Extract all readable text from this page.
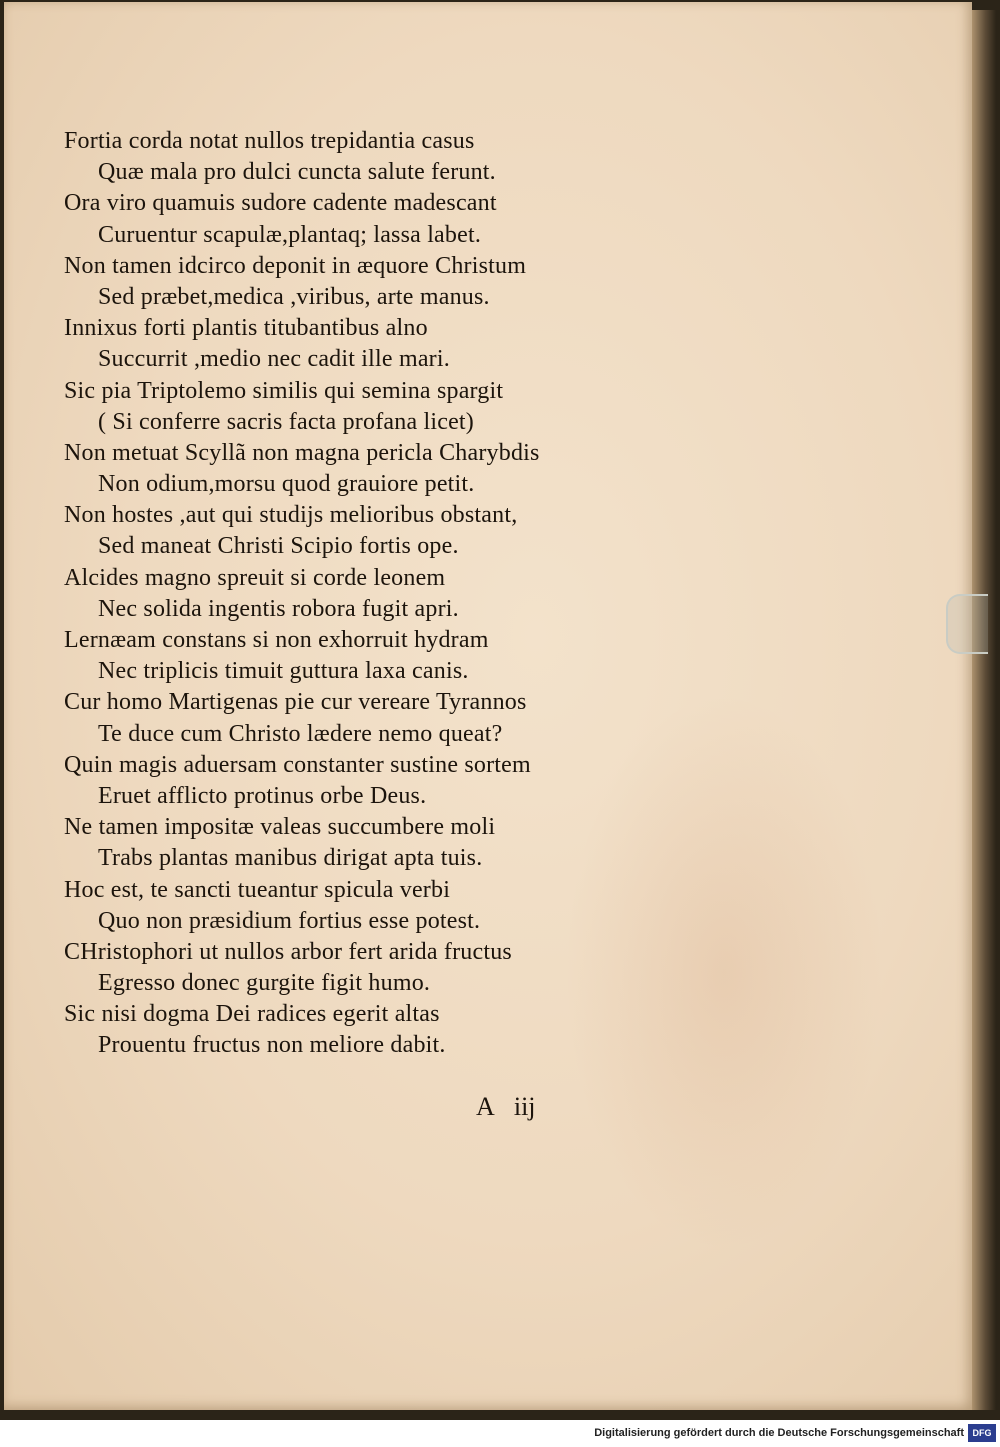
Fortia corda notat nullos trepidantia casus
Quæ mala pro dulci cuncta salute ferunt.
Ora viro quamuis sudore cadente madescant
Curuentur scapulæ,plantaq; lassa labet.
Non tamen idcirco deponit in æquore Christum
Sed præbet,medica ,viribus, arte manus.
Innixus forti plantis titubantibus alno
Succurrit ,medio nec cadit ille mari.
Sic pia Triptolemo similis qui semina spargit
( Si conferre sacris facta profana licet)
Non metuat Scyllã non magna pericla Charybdis
Non odium,morsu quod grauiore petit.
Non hostes ,aut qui studijs melioribus obstant,
Sed maneat Christi Scipio fortis ope.
Alcides magno spreuit si corde leonem
Nec solida ingentis robora fugit apri.
Lernæam constans si non exhorruit hydram
Nec triplicis timuit guttura laxa canis.
Cur homo Martigenas pie cur vereare Tyrannos
Te duce cum Christo lædere nemo queat?
Quin magis aduersam constanter sustine sortem
Eruet afflicto protinus orbe Deus.
Ne tamen impositæ valeas succumbere moli
Trabs plantas manibus dirigat apta tuis.
Hoc est, te sancti tueantur spicula verbi
Quo non præsidium fortius esse potest.
CHristophori ut nullos arbor fert arida fructus
Egresso donec gurgite figit humo.
Sic nisi dogma Dei radices egerit altas
Prouentu fructus non meliore dabit.
A iij
Digitalisierung gefördert durch die Deutsche Forschungsgemeinschaft DFG
